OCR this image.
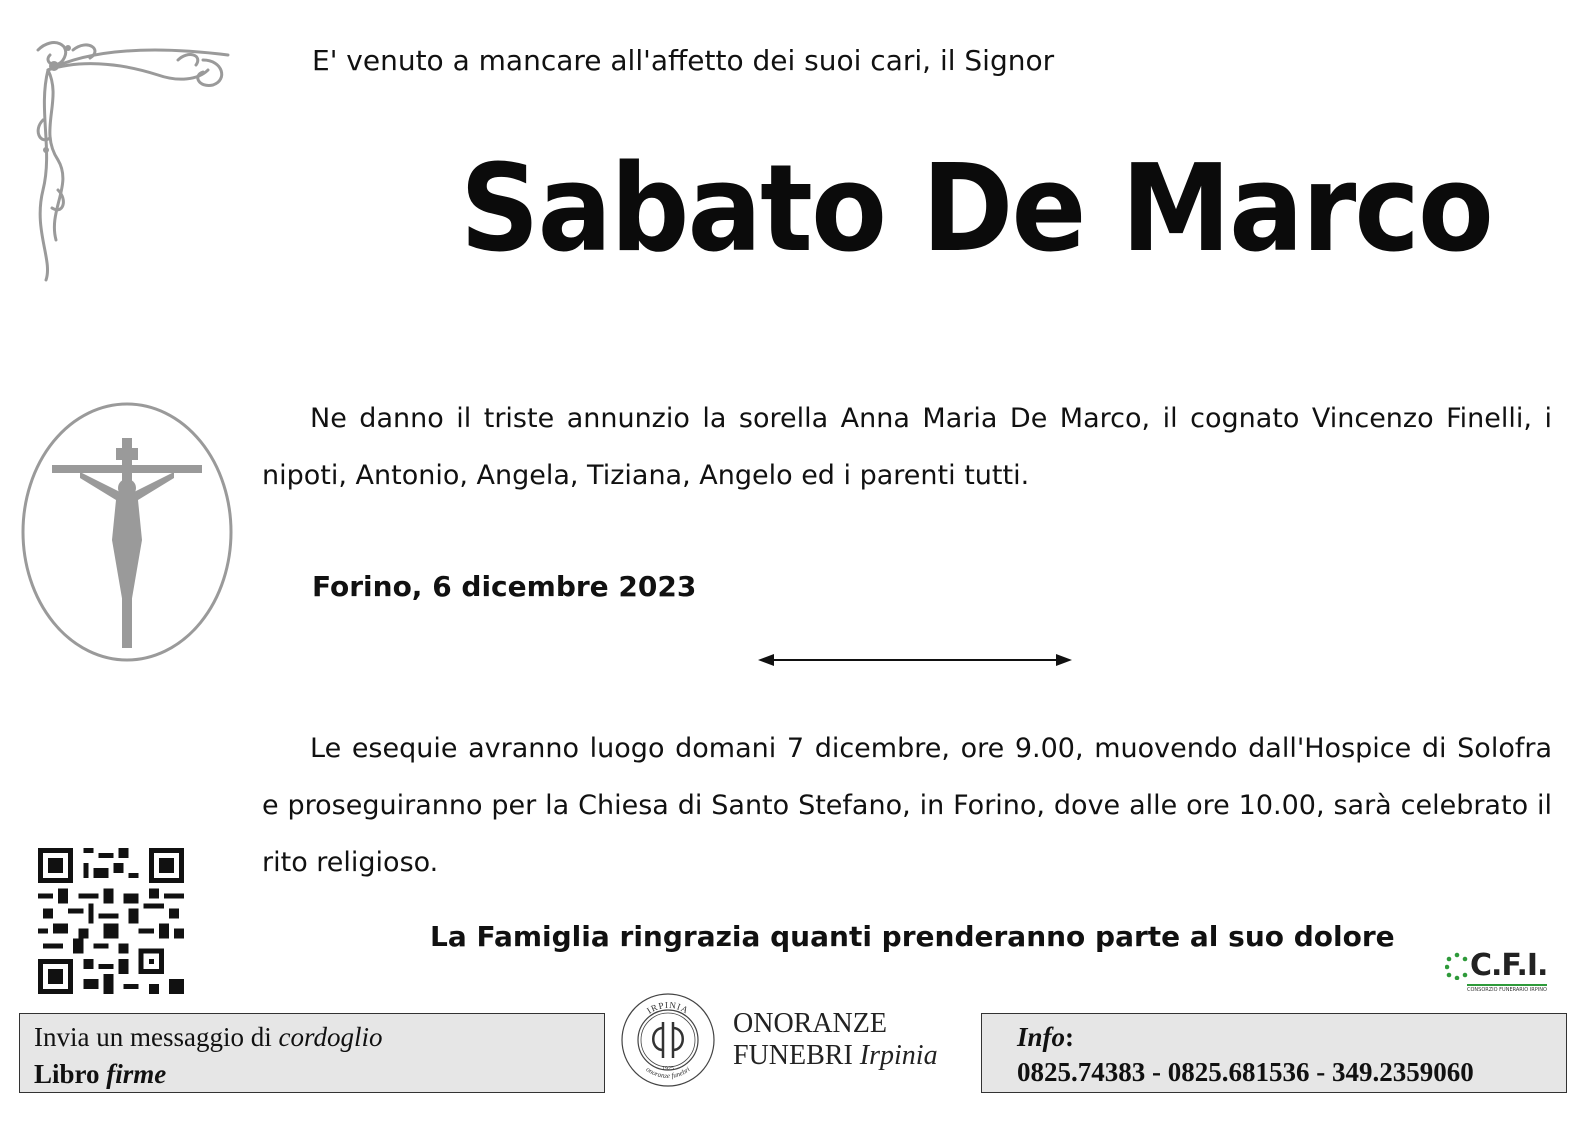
E' venuto a mancare all'affetto dei suoi cari, il Signor

Sabato De Marco
Ne danno il triste annunzio la sorella Anna Maria De Marco, il cognato Vincenzo Finelli, i nipoti, Antonio, Angela, Tiziana, Angelo ed i parenti tutti.
Forino, 6 dicembre 2023
Le esequie avranno luogo domani 7 dicembre, ore 9.00, muovendo dall'Hospice di Solofra e proseguiranno per la Chiesa di Santo Stefano, in Forino, dove alle ore 10.00, sarà celebrato il rito religioso.
La Famiglia ringrazia quanti prenderanno parte al suo dolore
C.F.I.
CONSORZIO FUNERARIO IRPINO
Invia un messaggio di cordoglio
Libro firme
IRPINIA
onoranze funebri
1925
ONORANZE
FUNEBRI Irpinia
Info:
0825.74383 - 0825.681536 - 349.2359060
